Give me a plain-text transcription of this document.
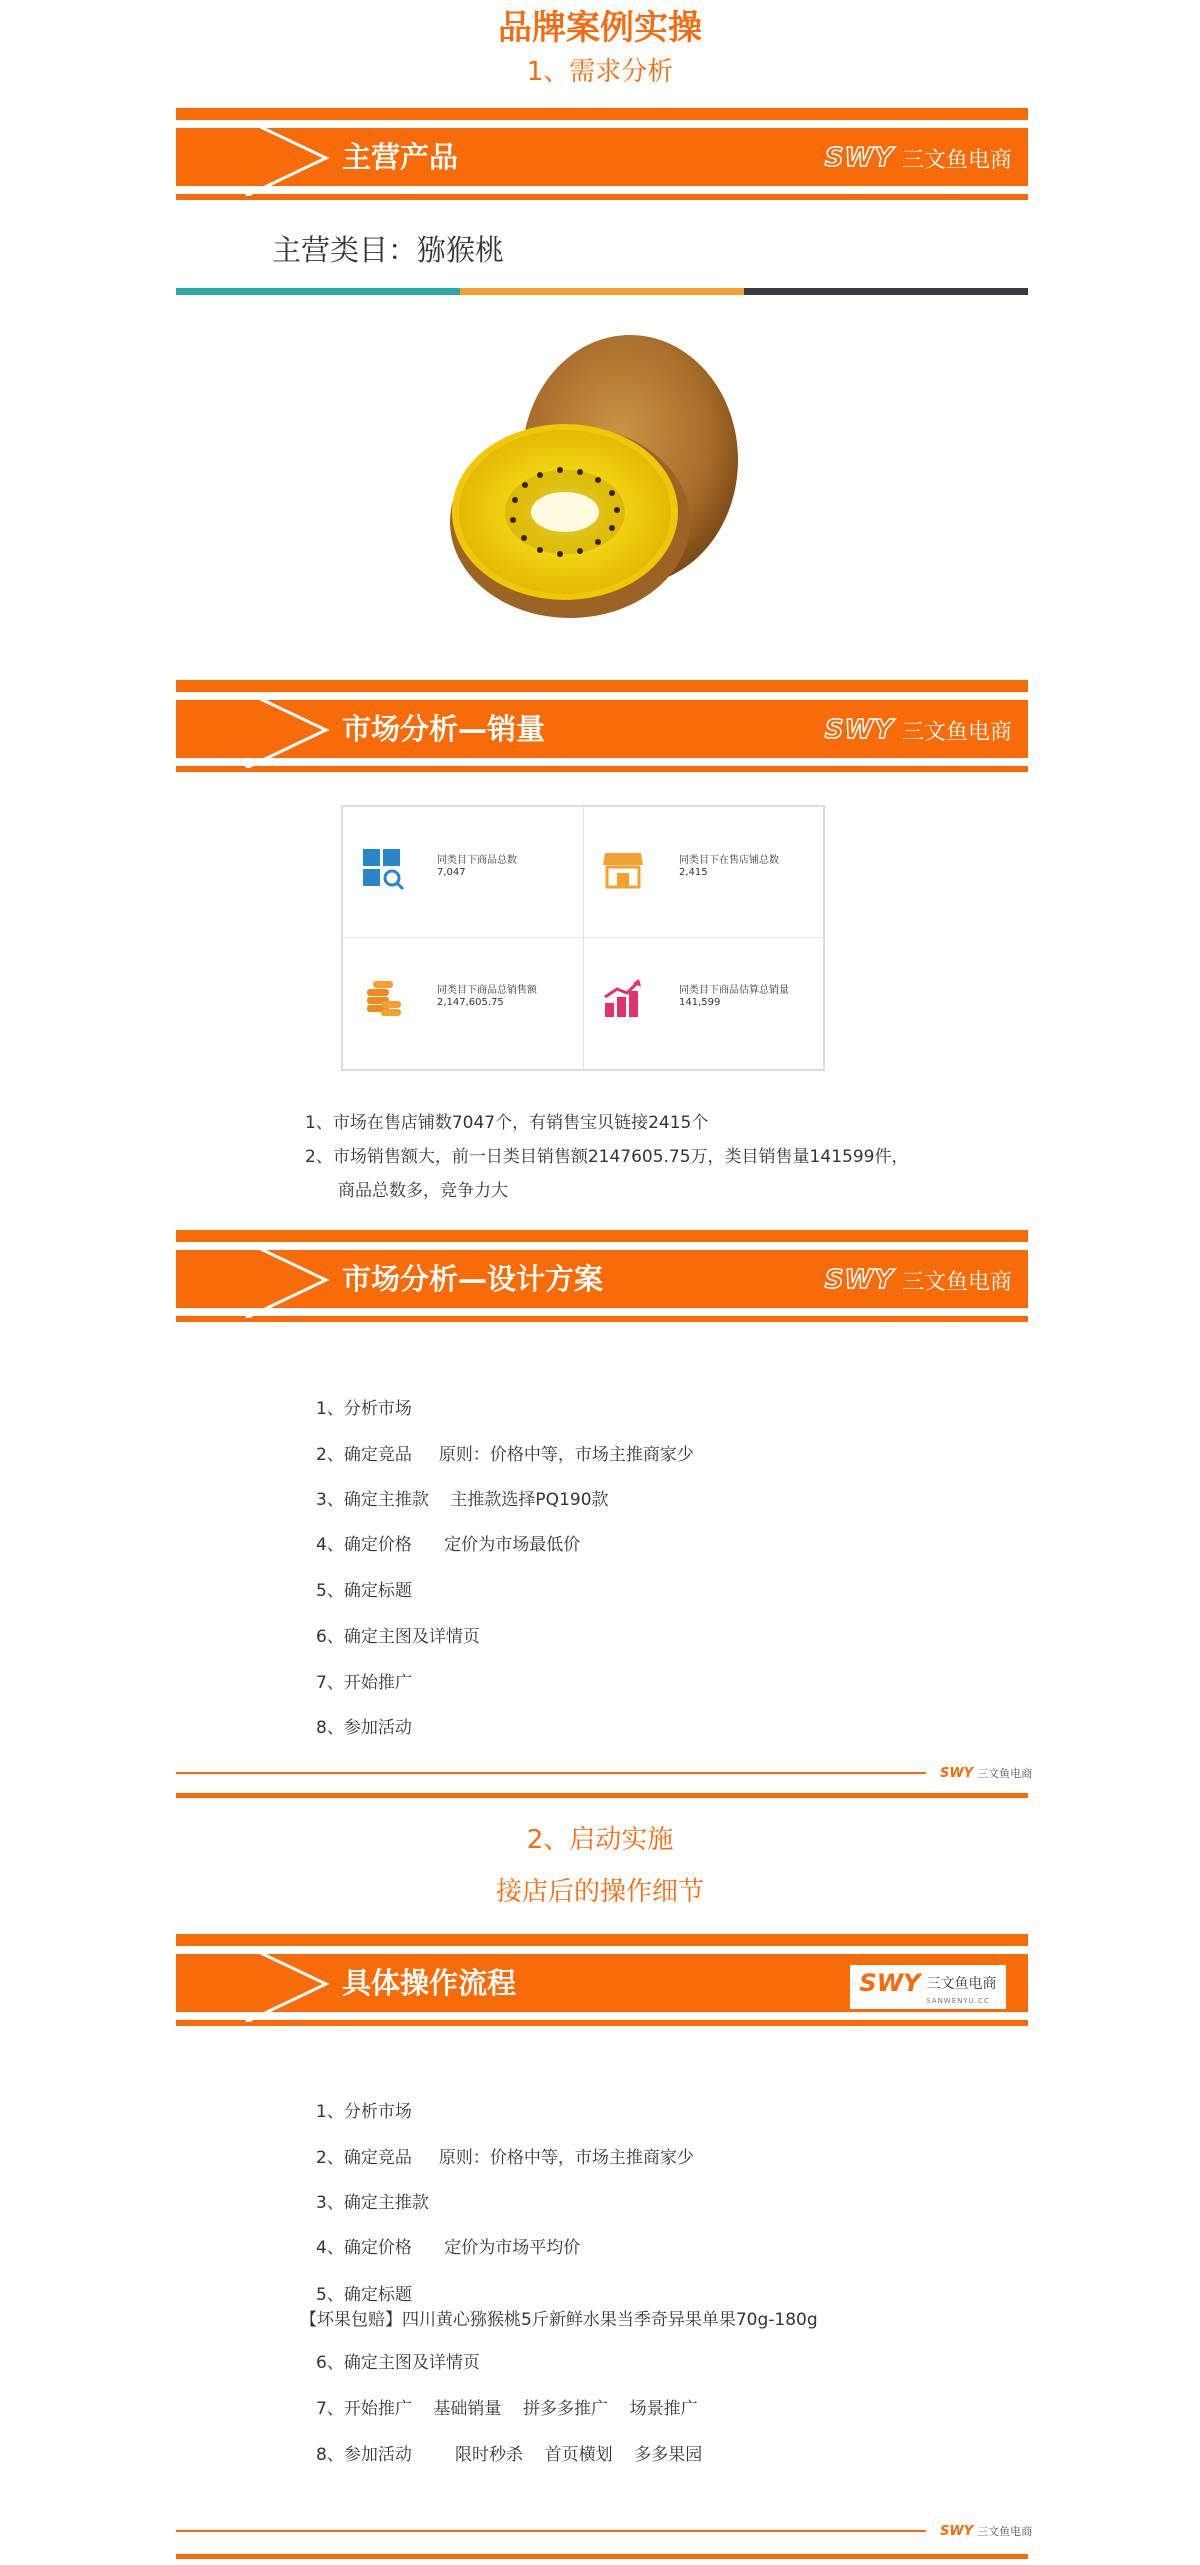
品牌案例实操
1、需求分析
主营产品	SWY 三文鱼电商
主营类目：猕猴桃
市场分析—销量	SWY 三文鱼电商
同类目下商品总数
7,047
同类目下在售店铺总数
2,415
同类目下商品总销售额
2,147,605.75
同类目下商品估算总销量
141,599
1、市场在售店铺数7047个，有销售宝贝链接2415个
2、市场销售额大，前一日类目销售额2147605.75万，类目销售量141599件，
商品总数多，竞争力大
市场分析—设计方案	SWY 三文鱼电商
1、分析市场
2、确定竞品     原则：价格中等，市场主推商家少
3、确定主推款    主推款选择PQ190款
4、确定价格      定价为市场最低价
5、确定标题
6、确定主图及详情页
7、开始推广
8、参加活动
SWY 三文鱼电商
2、启动实施
接店后的操作细节
具体操作流程	SWY 三文鱼电商
SANWENYU.CC
1、分析市场
2、确定竞品     原则：价格中等，市场主推商家少
3、确定主推款
4、确定价格      定价为市场平均价
5、确定标题
【坏果包赔】四川黄心猕猴桃5斤新鲜水果当季奇异果单果70g-180g
6、确定主图及详情页
7、开始推广    基础销量    拼多多推广    场景推广
8、参加活动        限时秒杀    首页横划    多多果园
SWY 三文鱼电商
